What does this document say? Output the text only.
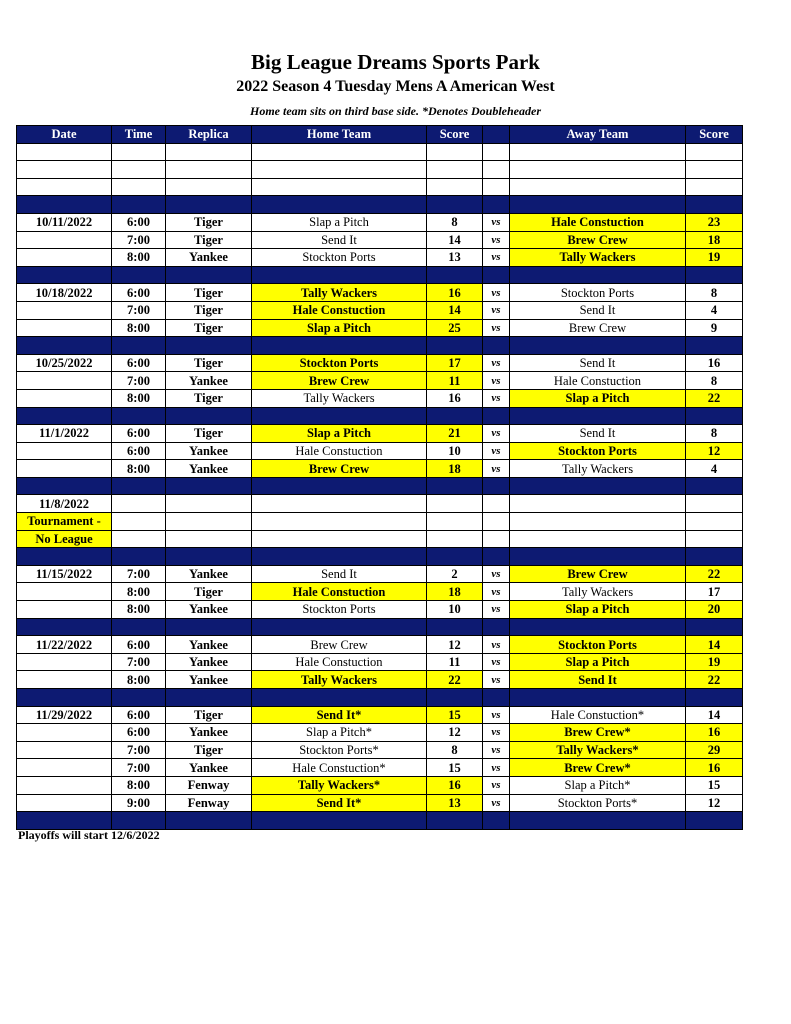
Big League Dreams Sports Park
2022 Season 4 Tuesday Mens A American West
Home team sits on third base side. *Denotes Doubleheader
Date	Time	Replica	Home Team	Score		Away Team	Score

10/11/2022	6:00	Tiger	Slap a Pitch	8	vs	Hale Constuction	23
	7:00	Tiger	Send It	14	vs	Brew Crew	18
	8:00	Yankee	Stockton Ports	13	vs	Tally Wackers	19

10/18/2022	6:00	Tiger	Tally Wackers	16	vs	Stockton Ports	8
	7:00	Tiger	Hale Constuction	14	vs	Send It	4
	8:00	Tiger	Slap a Pitch	25	vs	Brew Crew	9

10/25/2022	6:00	Tiger	Stockton Ports	17	vs	Send It	16
	7:00	Yankee	Brew Crew	11	vs	Hale Constuction	8
	8:00	Tiger	Tally Wackers	16	vs	Slap a Pitch	22

11/1/2022	6:00	Tiger	Slap a Pitch	21	vs	Send It	8
	6:00	Yankee	Hale Constuction	10	vs	Stockton Ports	12
	8:00	Yankee	Brew Crew	18	vs	Tally Wackers	4

11/8/2022							
Tournament -							
No League							

11/15/2022	7:00	Yankee	Send It	2	vs	Brew Crew	22
	8:00	Tiger	Hale Constuction	18	vs	Tally Wackers	17
	8:00	Yankee	Stockton Ports	10	vs	Slap a Pitch	20

11/22/2022	6:00	Yankee	Brew Crew	12	vs	Stockton Ports	14
	7:00	Yankee	Hale Constuction	11	vs	Slap a Pitch	19
	8:00	Yankee	Tally Wackers	22	vs	Send It	22

11/29/2022	6:00	Tiger	Send It*	15	vs	Hale Constuction*	14
	6:00	Yankee	Slap a Pitch*	12	vs	Brew Crew*	16
	7:00	Tiger	Stockton Ports*	8	vs	Tally Wackers*	29
	7:00	Yankee	Hale Constuction*	15	vs	Brew Crew*	16
	8:00	Fenway	Tally Wackers*	16	vs	Slap a Pitch*	15
	9:00	Fenway	Send It*	13	vs	Stockton Ports*	12

Playoffs will start 12/6/2022
